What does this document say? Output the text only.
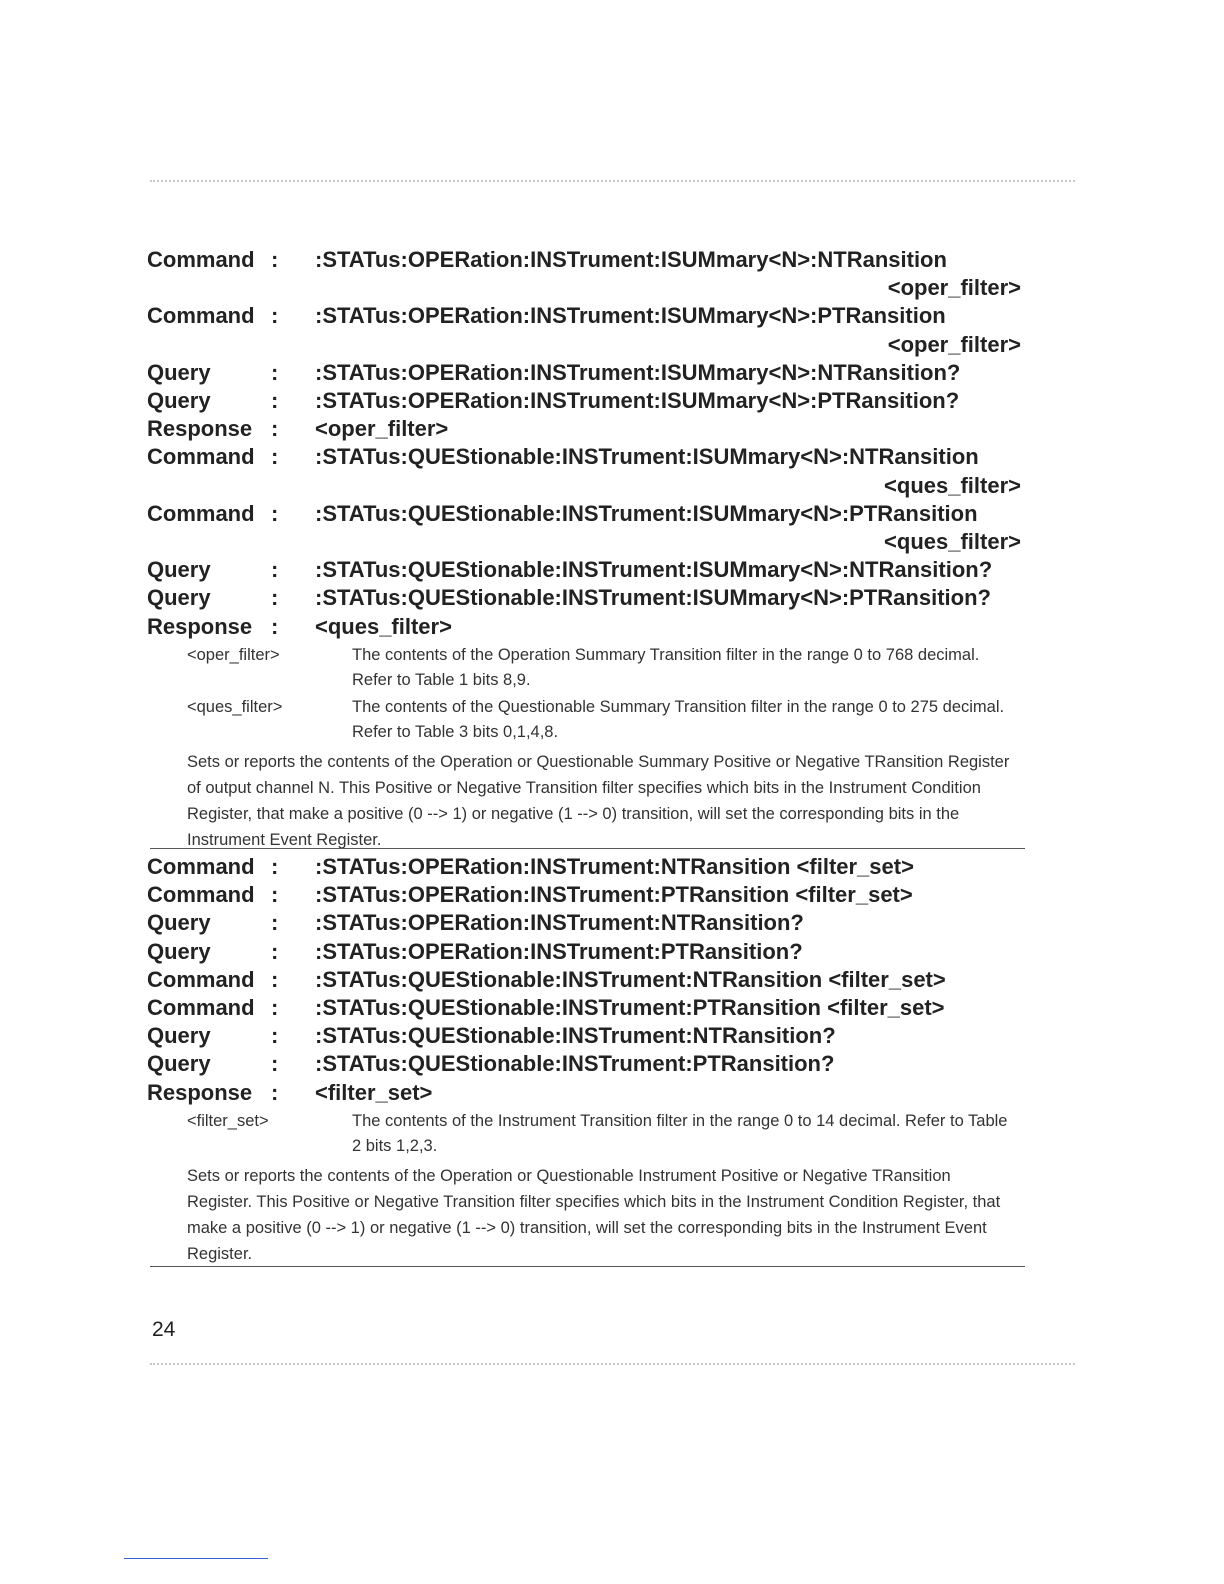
Command :	:STATus:OPERation:INSTrument:ISUMmary<N>:NTRansition
<oper_filter>
Command :	:STATus:OPERation:INSTrument:ISUMmary<N>:PTRansition
<oper_filter>
Query	:	:STATus:OPERation:INSTrument:ISUMmary<N>:NTRansition?
Query	:	:STATus:OPERation:INSTrument:ISUMmary<N>:PTRansition?
Response :	<oper_filter>
Command :	:STATus:QUEStionable:INSTrument:ISUMmary<N>:NTRansition
<ques_filter>
Command :	:STATus:QUEStionable:INSTrument:ISUMmary<N>:PTRansition
<ques_filter>
Query	:	:STATus:QUEStionable:INSTrument:ISUMmary<N>:NTRansition?
Query	:	:STATus:QUEStionable:INSTrument:ISUMmary<N>:PTRansition?
Response :	<ques_filter>
<oper_filter>	The contents of the Operation Summary Transition filter in the range 0 to 768 decimal. Refer to Table 1 bits 8,9.
<ques_filter>	The contents of the Questionable Summary Transition filter in the range 0 to 275 decimal. Refer to Table 3 bits 0,1,4,8.
Sets or reports the contents of the Operation or Questionable Summary Positive or Negative TRansition Register of output channel N. This Positive or Negative Transition filter specifies which bits in the Instrument Condition Register, that make a positive (0 --> 1) or negative (1 --> 0) transition, will set the corresponding bits in the Instrument Event Register.
Command :	:STATus:OPERation:INSTrument:NTRansition <filter_set>
Command :	:STATus:OPERation:INSTrument:PTRansition <filter_set>
Query	:	:STATus:OPERation:INSTrument:NTRansition?
Query	:	:STATus:OPERation:INSTrument:PTRansition?
Command :	:STATus:QUEStionable:INSTrument:NTRansition <filter_set>
Command :	:STATus:QUEStionable:INSTrument:PTRansition <filter_set>
Query	:	:STATus:QUEStionable:INSTrument:NTRansition?
Query	:	:STATus:QUEStionable:INSTrument:PTRansition?
Response :	<filter_set>
<filter_set>	The contents of the Instrument Transition filter in the range 0 to 14 decimal. Refer to Table 2 bits 1,2,3.
Sets or reports the contents of the Operation or Questionable Instrument Positive or Negative TRansition Register. This Positive or Negative Transition filter specifies which bits in the Instrument Condition Register, that make a positive (0 --> 1) or negative (1 --> 0) transition, will set the corresponding bits in the Instrument Event Register.
24
